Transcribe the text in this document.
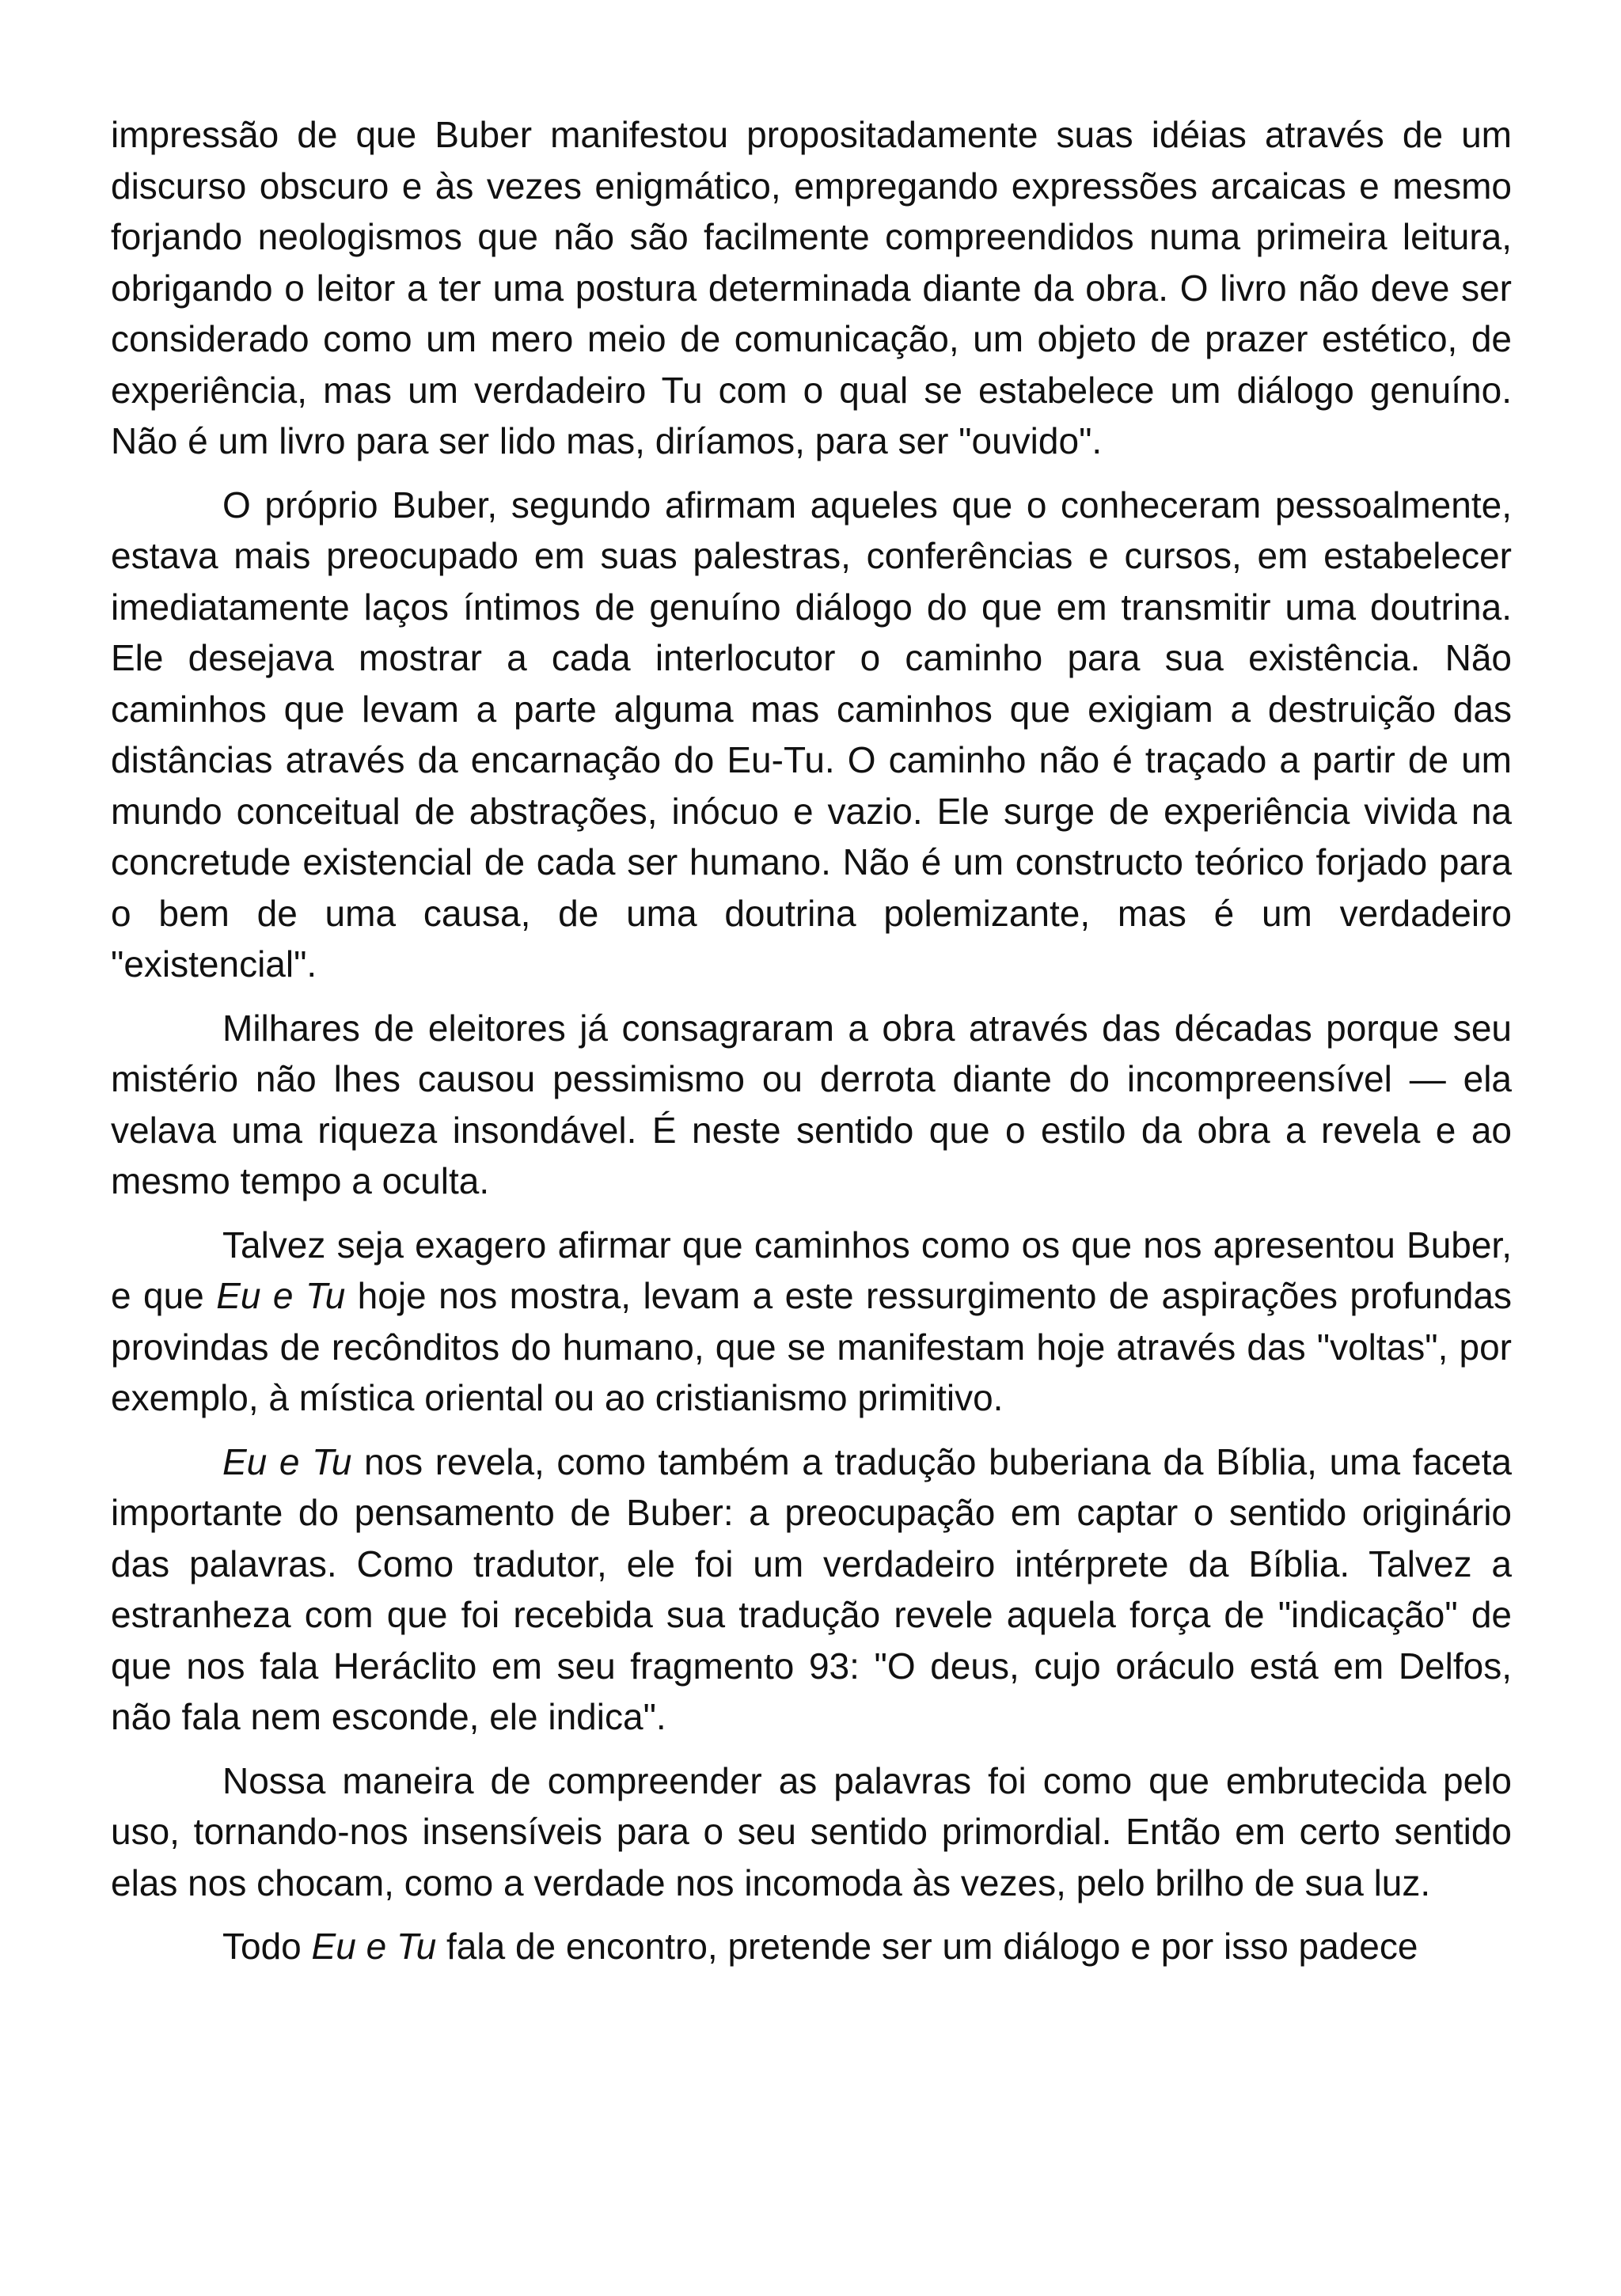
impressão de que Buber manifestou propositadamente suas idéias através de um discurso obscuro e às vezes enigmático, empregando expressões arcaicas e mesmo forjando neologismos que não são facilmente compreendidos numa primeira leitura, obrigando o leitor a ter uma postura determinada diante da obra. O livro não deve ser considerado como um mero meio de comunicação, um objeto de prazer estético, de experiência, mas um verdadeiro Tu com o qual se estabelece um diálogo genuíno. Não é um livro para ser lido mas, diríamos, para ser "ouvido".

O próprio Buber, segundo afirmam aqueles que o conheceram pessoalmente, estava mais preocupado em suas palestras, conferências e cursos, em estabelecer imediatamente laços íntimos de genuíno diálogo do que em transmitir uma doutrina. Ele desejava mostrar a cada interlocutor o caminho para sua existência. Não caminhos que levam a parte alguma mas caminhos que exigiam a destruição das distâncias através da encarnação do Eu-Tu. O caminho não é traçado a partir de um mundo conceitual de abstrações, inócuo e vazio. Ele surge de experiência vivida na concretude existencial de cada ser humano. Não é um constructo teórico forjado para o bem de uma causa, de uma doutrina polemizante, mas é um verdadeiro "existencial".

Milhares de eleitores já consagraram a obra através das décadas porque seu mistério não lhes causou pessimismo ou derrota diante do incompreensível — ela velava uma riqueza insondável. É neste sentido que o estilo da obra a revela e ao mesmo tempo a oculta.

Talvez seja exagero afirmar que caminhos como os que nos apresentou Buber, e que Eu e Tu hoje nos mostra, levam a este ressurgimento de aspirações profundas provindas de recônditos do humano, que se manifestam hoje através das "voltas", por exemplo, à mística oriental ou ao cristianismo primitivo.

Eu e Tu nos revela, como também a tradução buberiana da Bíblia, uma faceta importante do pensamento de Buber: a preocupação em captar o sentido originário das palavras. Como tradutor, ele foi um verdadeiro intérprete da Bíblia. Talvez a estranheza com que foi recebida sua tradução revele aquela força de "indicação" de que nos fala Heráclito em seu fragmento 93: "O deus, cujo oráculo está em Delfos, não fala nem esconde, ele indica".

Nossa maneira de compreender as palavras foi como que embrutecida pelo uso, tornando-nos insensíveis para o seu sentido primordial. Então em certo sentido elas nos chocam, como a verdade nos incomoda às vezes, pelo brilho de sua luz.

Todo Eu e Tu fala de encontro, pretende ser um diálogo e por isso padece
